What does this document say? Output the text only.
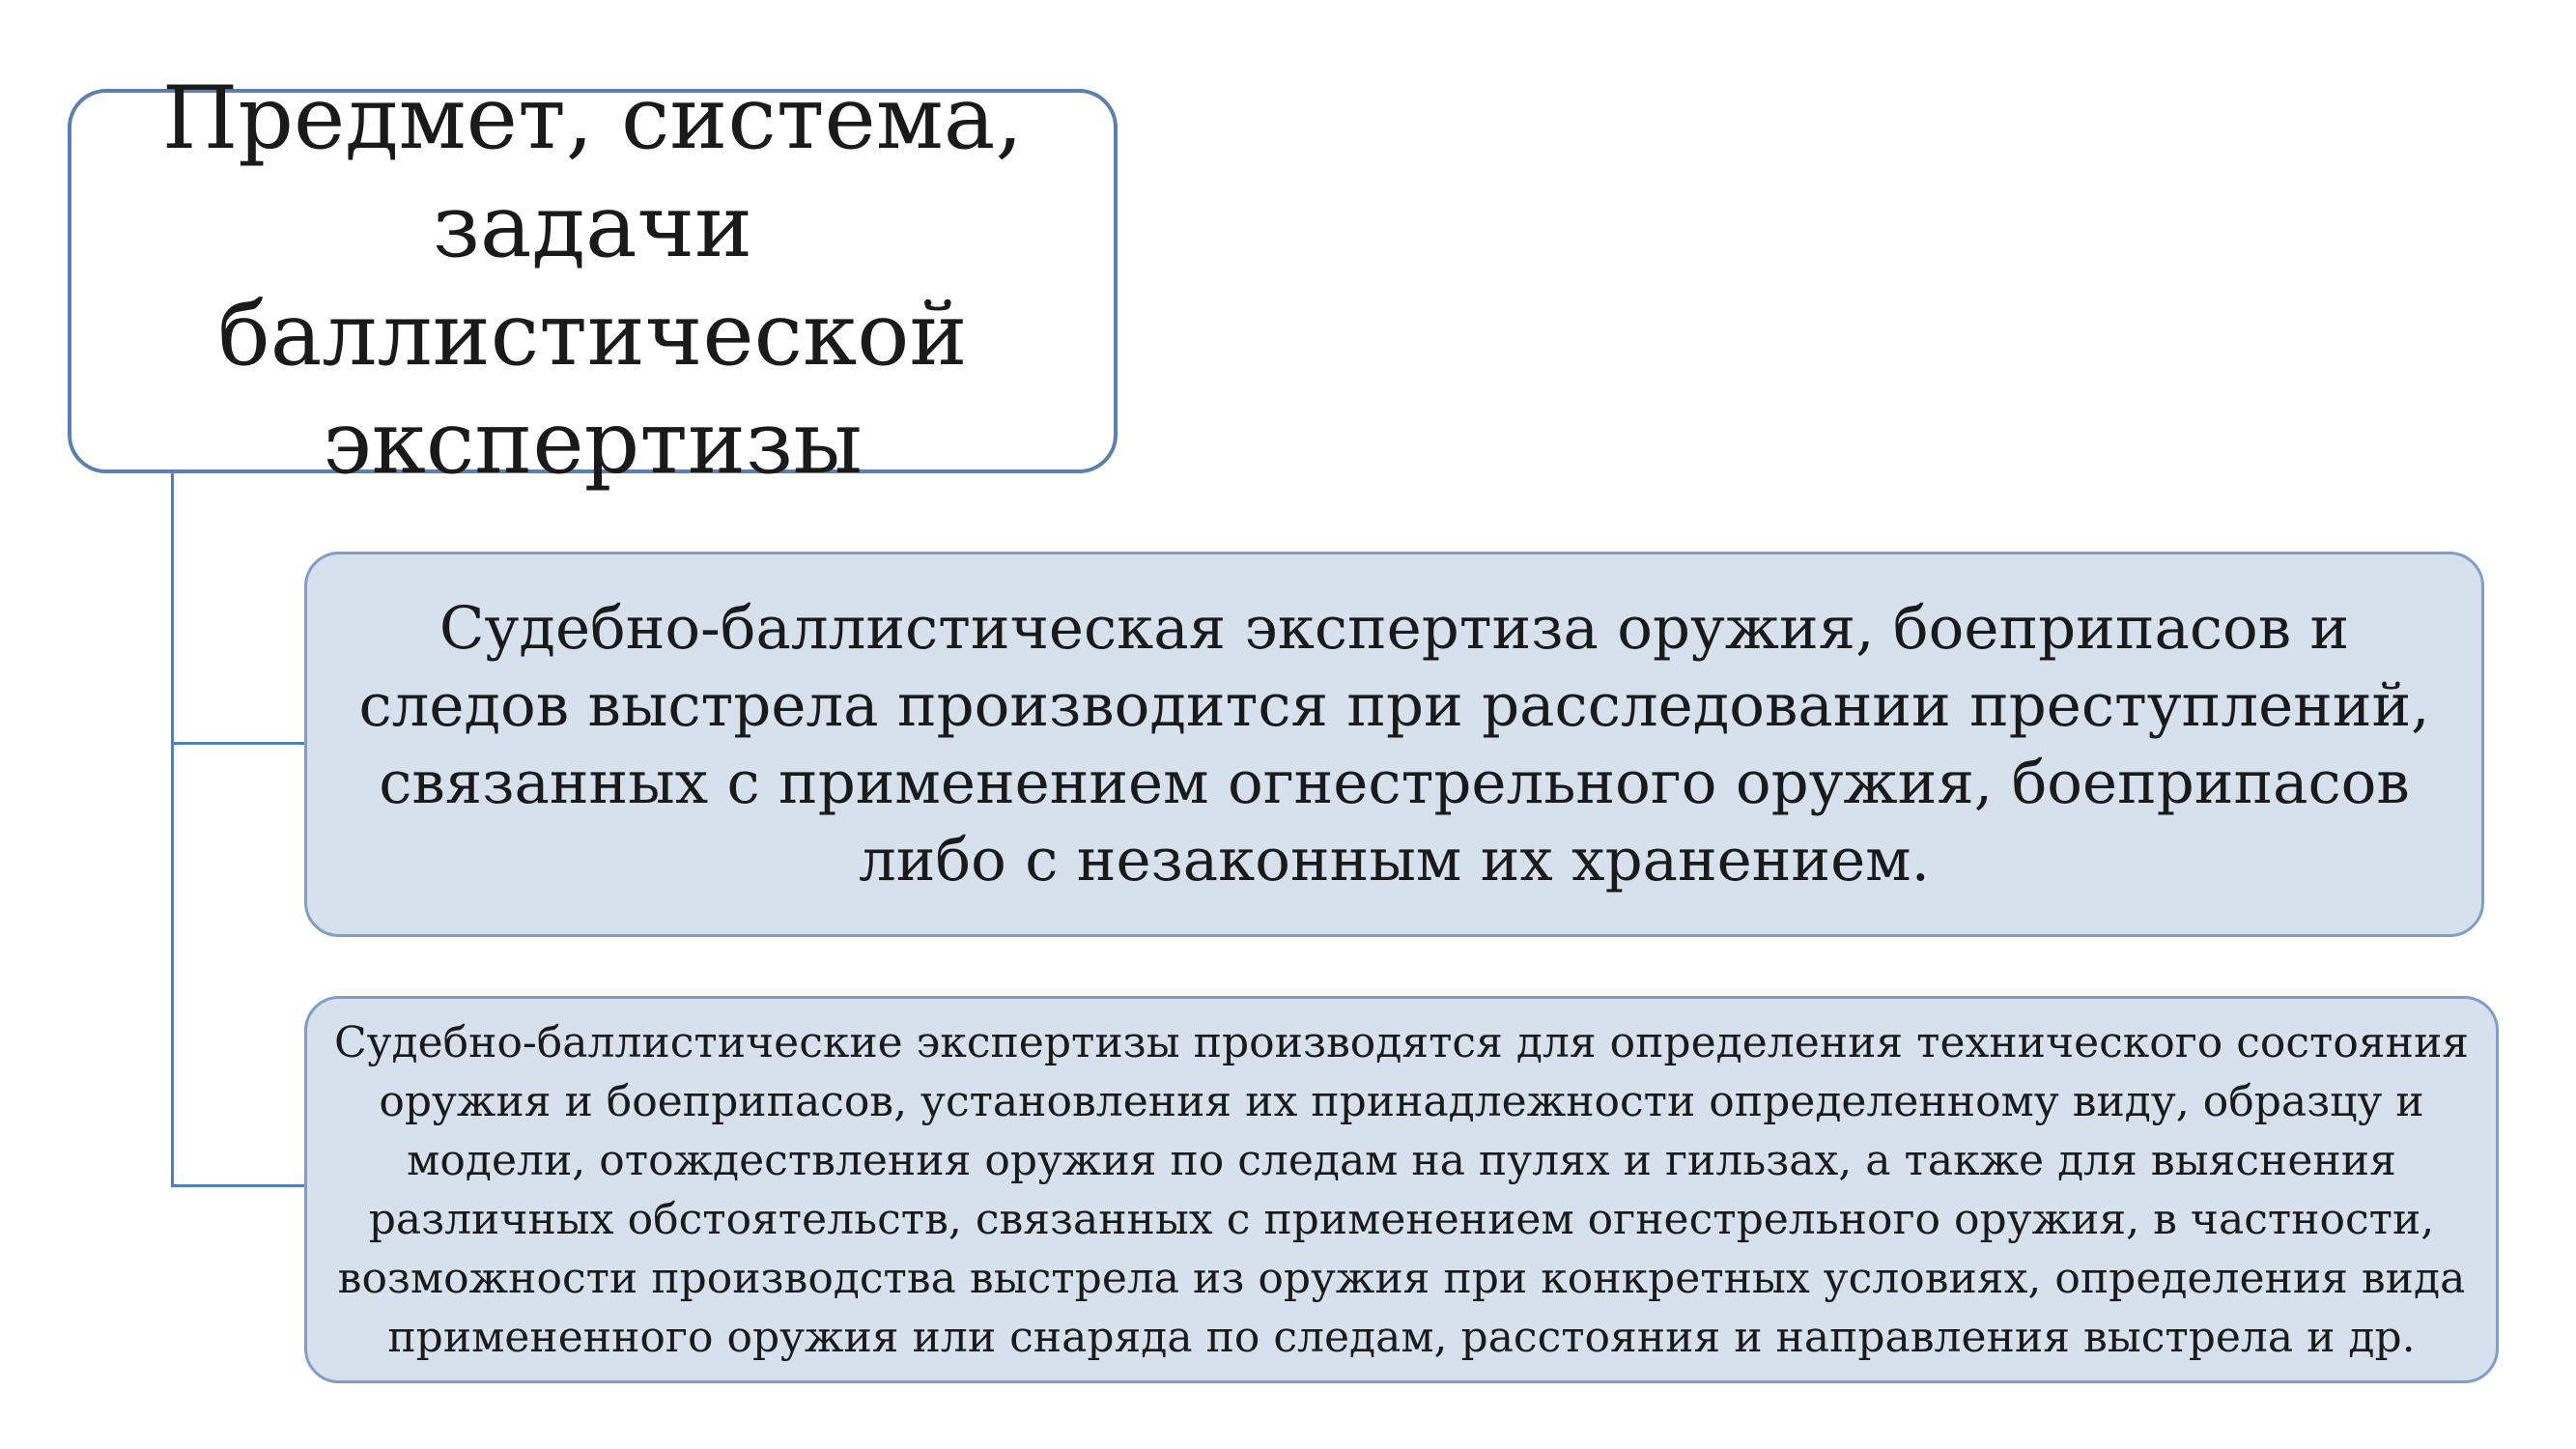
Предмет, система, задачи баллистической экспертизы
Судебно-баллистическая экспертиза оружия, боеприпасов и следов выстрела производится при расследовании преступлений, связанных с применением огнестрельного оружия, боеприпасов либо с незаконным их хранением.
Судебно-баллистические экспертизы производятся для определения технического состояния оружия и боеприпасов, установления их принадлежности определенному виду, образцу и модели, отождествления оружия по следам на пулях и гильзах, а также для выяснения различных обстоятельств, связанных с применением огнестрельного оружия, в частности, возможности производства выстрела из оружия при конкретных условиях, определения вида примененного оружия или снаряда по следам, расстояния и направления выстрела и др.
